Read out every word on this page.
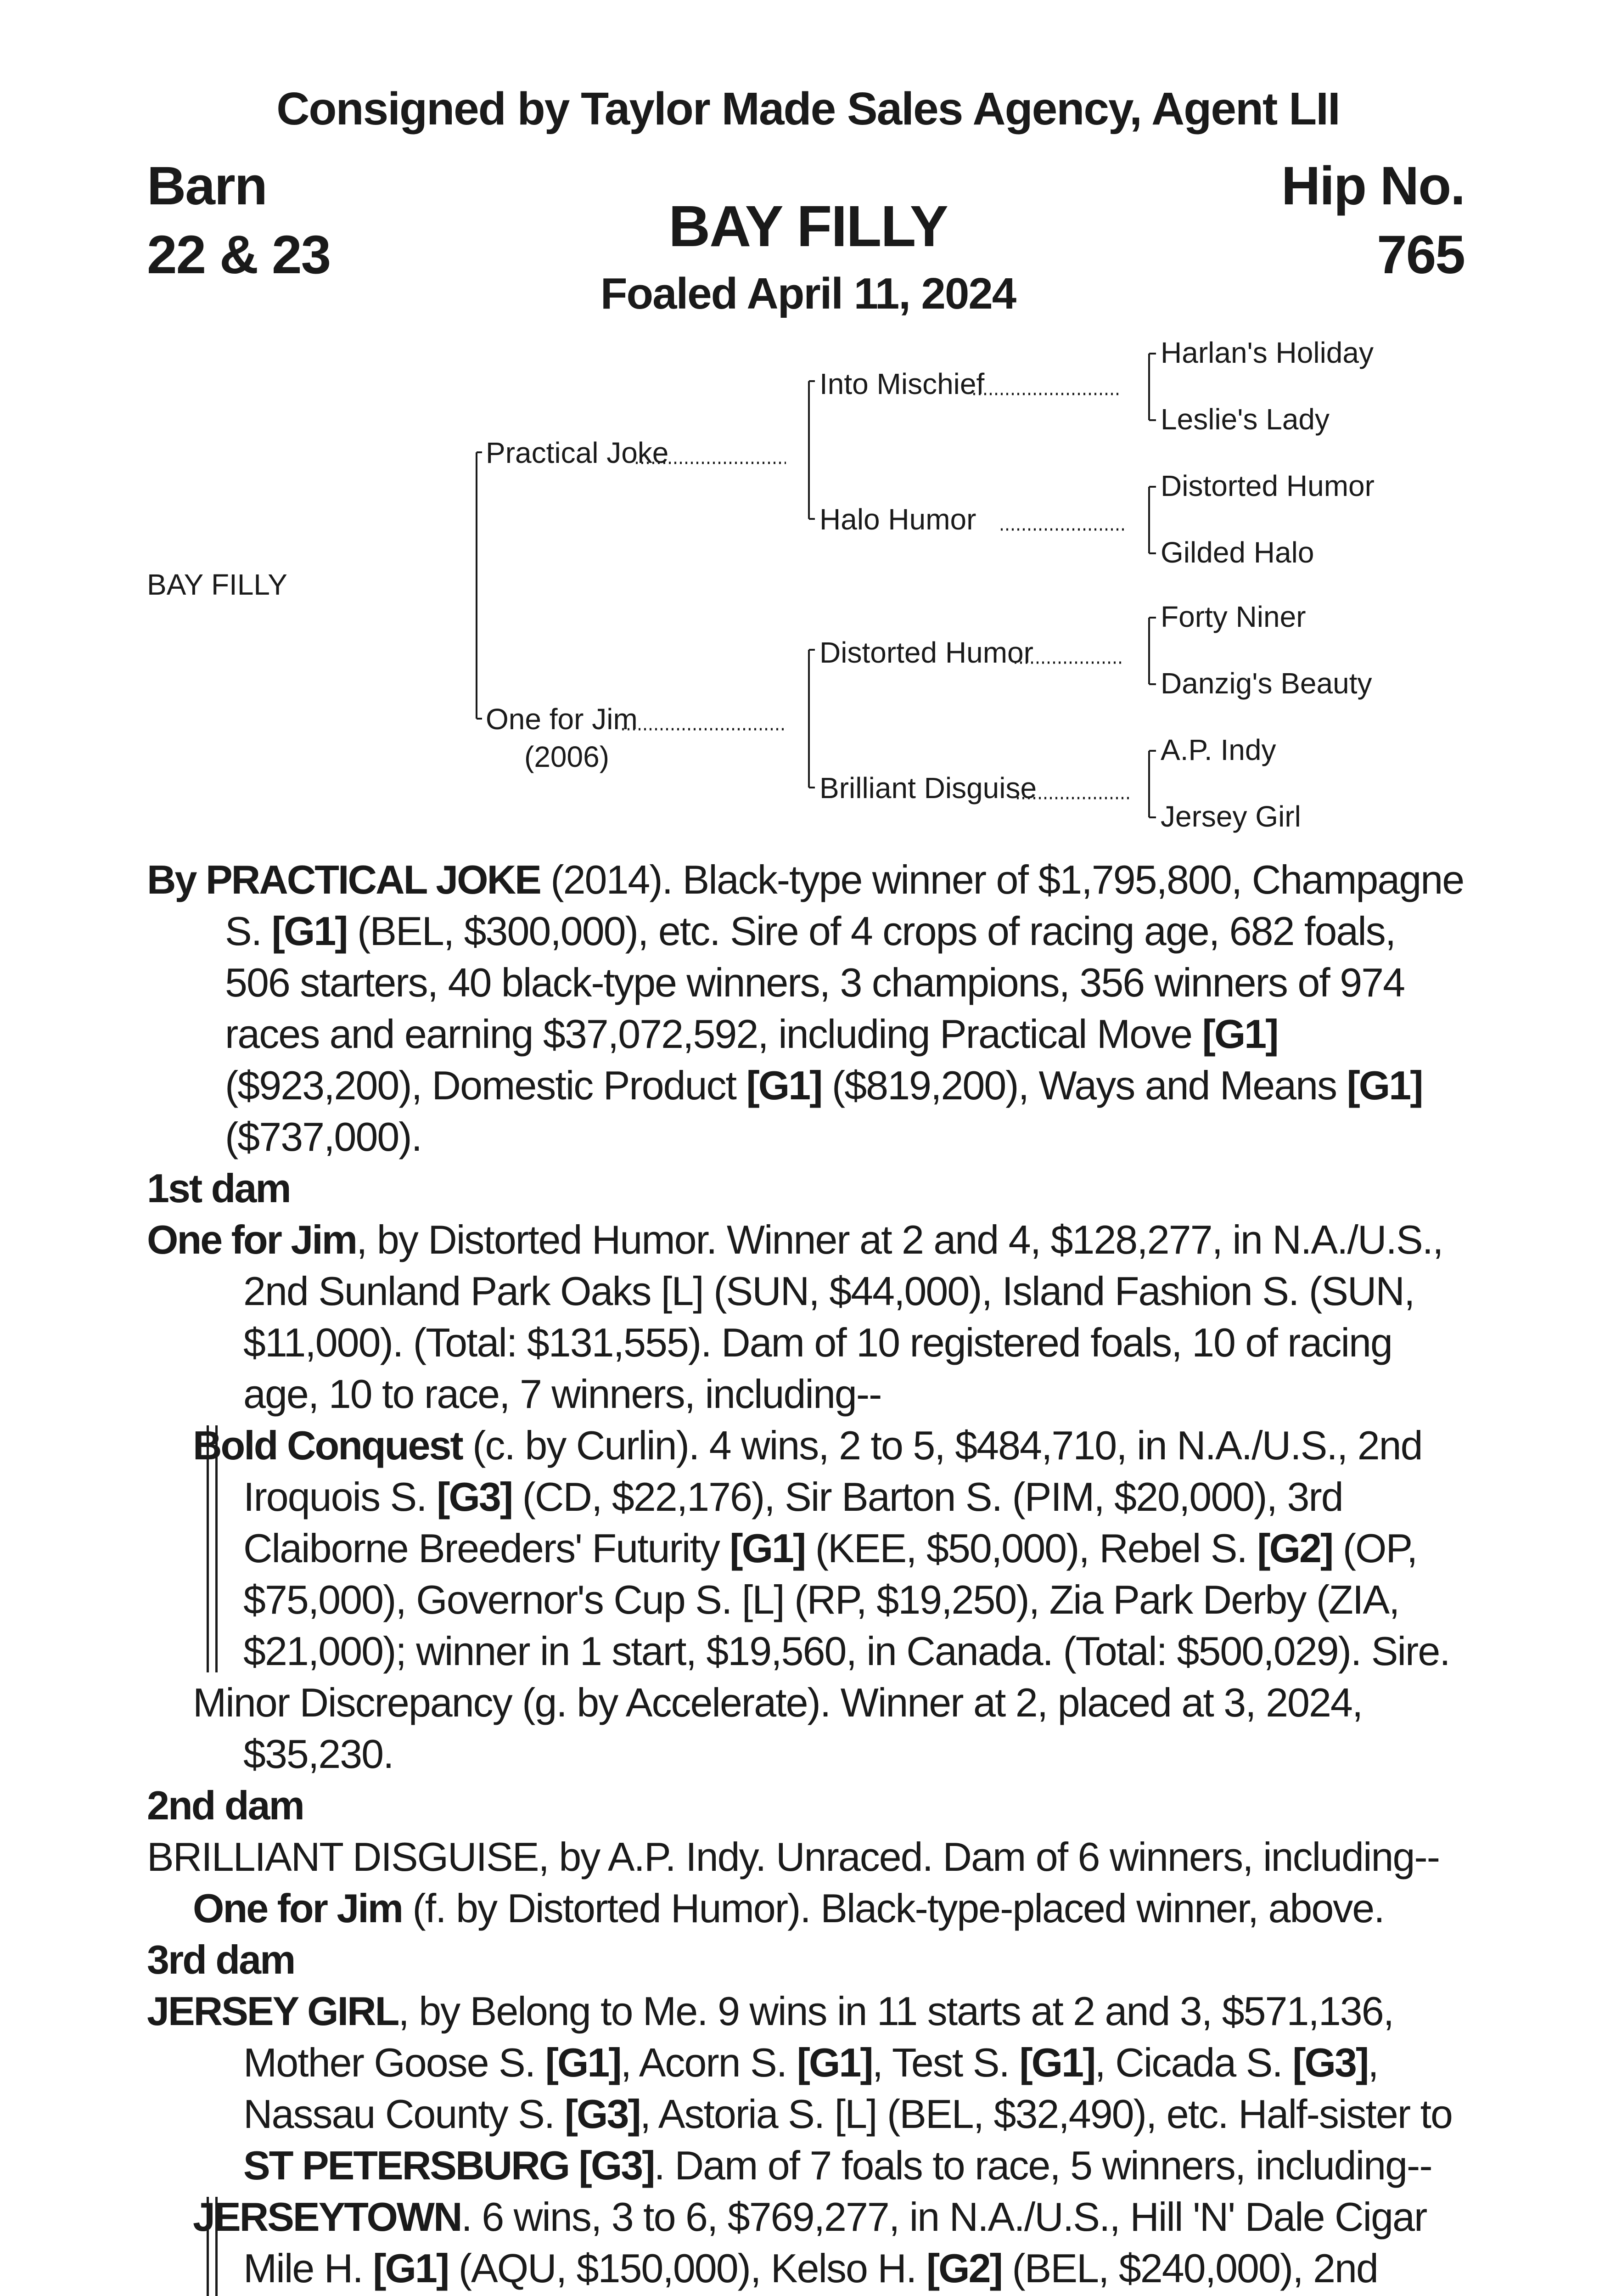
Consigned by Taylor Made Sales Agency, Agent LII
Barn
22 & 23
Hip No.
765
BAY FILLY
Foaled April 11, 2024
BAY FILLY
Practical Joke
One for Jim
(2006)
Into Mischief
Halo Humor
Distorted Humor
Brilliant Disguise
Harlan's Holiday
Leslie's Lady
Distorted Humor
Gilded Halo
Forty Niner
Danzig's Beauty
A.P. Indy
Jersey Girl

By PRACTICAL JOKE (2014). Black-type winner of $1,795,800, Champagne S. [G1] (BEL, $300,000), etc. Sire of 4 crops of racing age, 682 foals, 506 starters, 40 black-type winners, 3 champions, 356 winners of 974 races and earning $37,072,592, including Practical Move [G1] ($923,200), Domestic Product [G1] ($819,200), Ways and Means [G1] ($737,000).

1st dam

One for Jim, by Distorted Humor. Winner at 2 and 4, $128,277, in N.A./U.S., 2nd Sunland Park Oaks [L] (SUN, $44,000), Island Fashion S. (SUN, $11,000). (Total: $131,555). Dam of 10 registered foals, 10 of racing age, 10 to race, 7 winners, including--

Bold Conquest (c. by Curlin). 4 wins, 2 to 5, $484,710, in N.A./U.S., 2nd Iroquois S. [G3] (CD, $22,176), Sir Barton S. (PIM, $20,000), 3rd Claiborne Breeders' Futurity [G1] (KEE, $50,000), Rebel S. [G2] (OP, $75,000), Governor's Cup S. [L] (RP, $19,250), Zia Park Derby (ZIA, $21,000); winner in 1 start, $19,560, in Canada. (Total: $500,029). Sire.

Minor Discrepancy (g. by Accelerate). Winner at 2, placed at 3, 2024, $35,230.

2nd dam

BRILLIANT DISGUISE, by A.P. Indy. Unraced. Dam of 6 winners, including--

One for Jim (f. by Distorted Humor). Black-type-placed winner, above.

3rd dam

JERSEY GIRL, by Belong to Me. 9 wins in 11 starts at 2 and 3, $571,136, Mother Goose S. [G1], Acorn S. [G1], Test S. [G1], Cicada S. [G3], Nassau County S. [G3], Astoria S. [L] (BEL, $32,490), etc. Half-sister to ST PETERSBURG [G3]. Dam of 7 foals to race, 5 winners, including--

JERSEYTOWN. 6 wins, 3 to 6, $769,277, in N.A./U.S., Hill 'N' Dale Cigar Mile H. [G1] (AQU, $150,000), Kelso H. [G2] (BEL, $240,000), 2nd
